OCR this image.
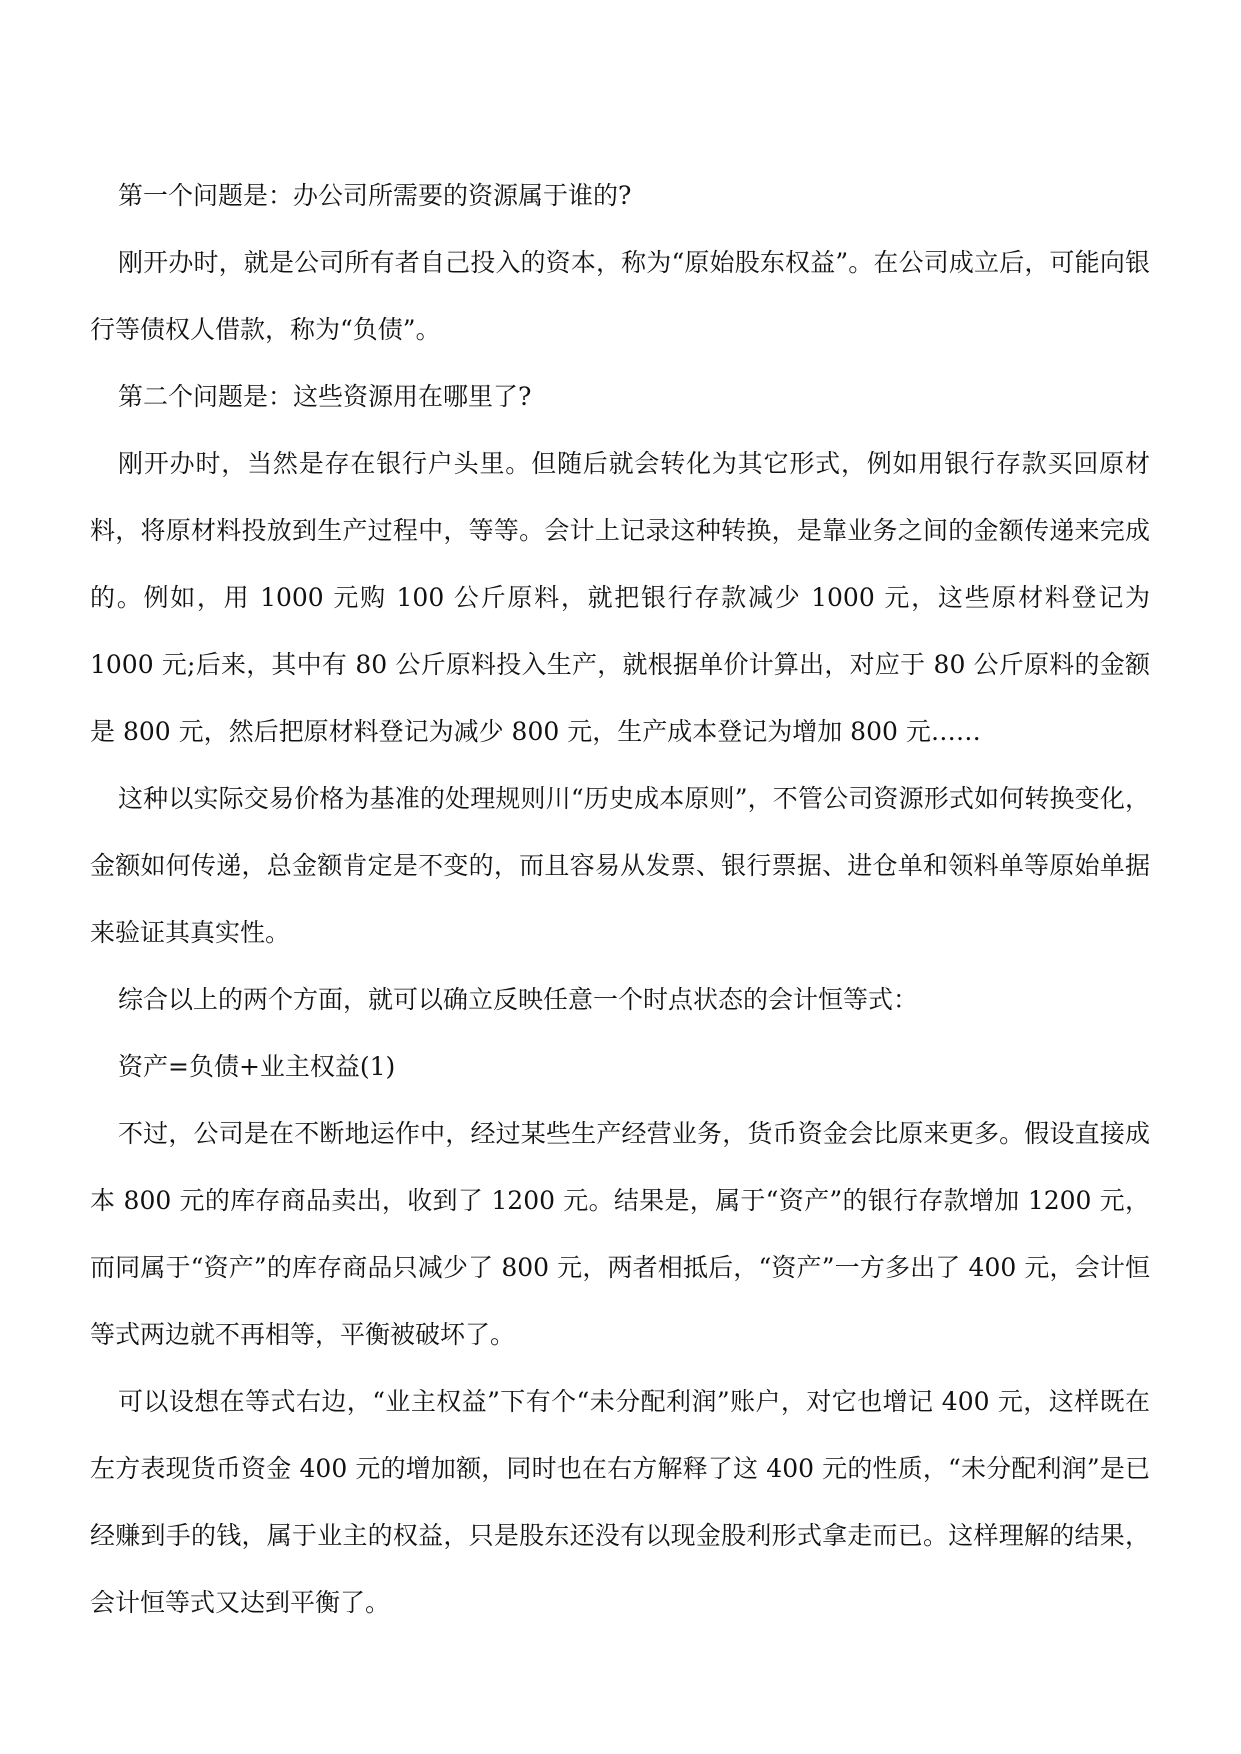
第一个问题是：办公司所需要的资源属于谁的?

刚开办时，就是公司所有者自己投入的资本，称为“原始股东权益”。在公司成立后，可能向银行等债权人借款，称为“负债”。

第二个问题是：这些资源用在哪里了?

刚开办时，当然是存在银行户头里。但随后就会转化为其它形式，例如用银行存款买回原材料，将原材料投放到生产过程中，等等。会计上记录这种转换，是靠业务之间的金额传递来完成的。例如，用 1000 元购 100 公斤原料，就把银行存款减少 1000 元，这些原材料登记为 1000 元;后来，其中有 80 公斤原料投入生产，就根据单价计算出，对应于 80 公斤原料的金额是 800 元，然后把原材料登记为减少 800 元，生产成本登记为增加 800 元……

这种以实际交易价格为基准的处理规则川“历史成本原则”，不管公司资源形式如何转换变化，金额如何传递，总金额肯定是不变的，而且容易从发票、银行票据、进仓单和领料单等原始单据来验证其真实性。

综合以上的两个方面，就可以确立反映任意一个时点状态的会计恒等式：

资产=负债+业主权益(1)

不过，公司是在不断地运作中，经过某些生产经营业务，货币资金会比原来更多。假设直接成本 800 元的库存商品卖出，收到了 1200 元。结果是，属于“资产”的银行存款增加 1200 元，而同属于“资产”的库存商品只减少了 800 元，两者相抵后，“资产”一方多出了 400 元，会计恒等式两边就不再相等，平衡被破坏了。

可以设想在等式右边，“业主权益”下有个“未分配利润”账户，对它也增记 400 元，这样既在左方表现货币资金 400 元的增加额，同时也在右方解释了这 400 元的性质，“未分配利润”是已经赚到手的钱，属于业主的权益，只是股东还没有以现金股利形式拿走而已。这样理解的结果，会计恒等式又达到平衡了。
